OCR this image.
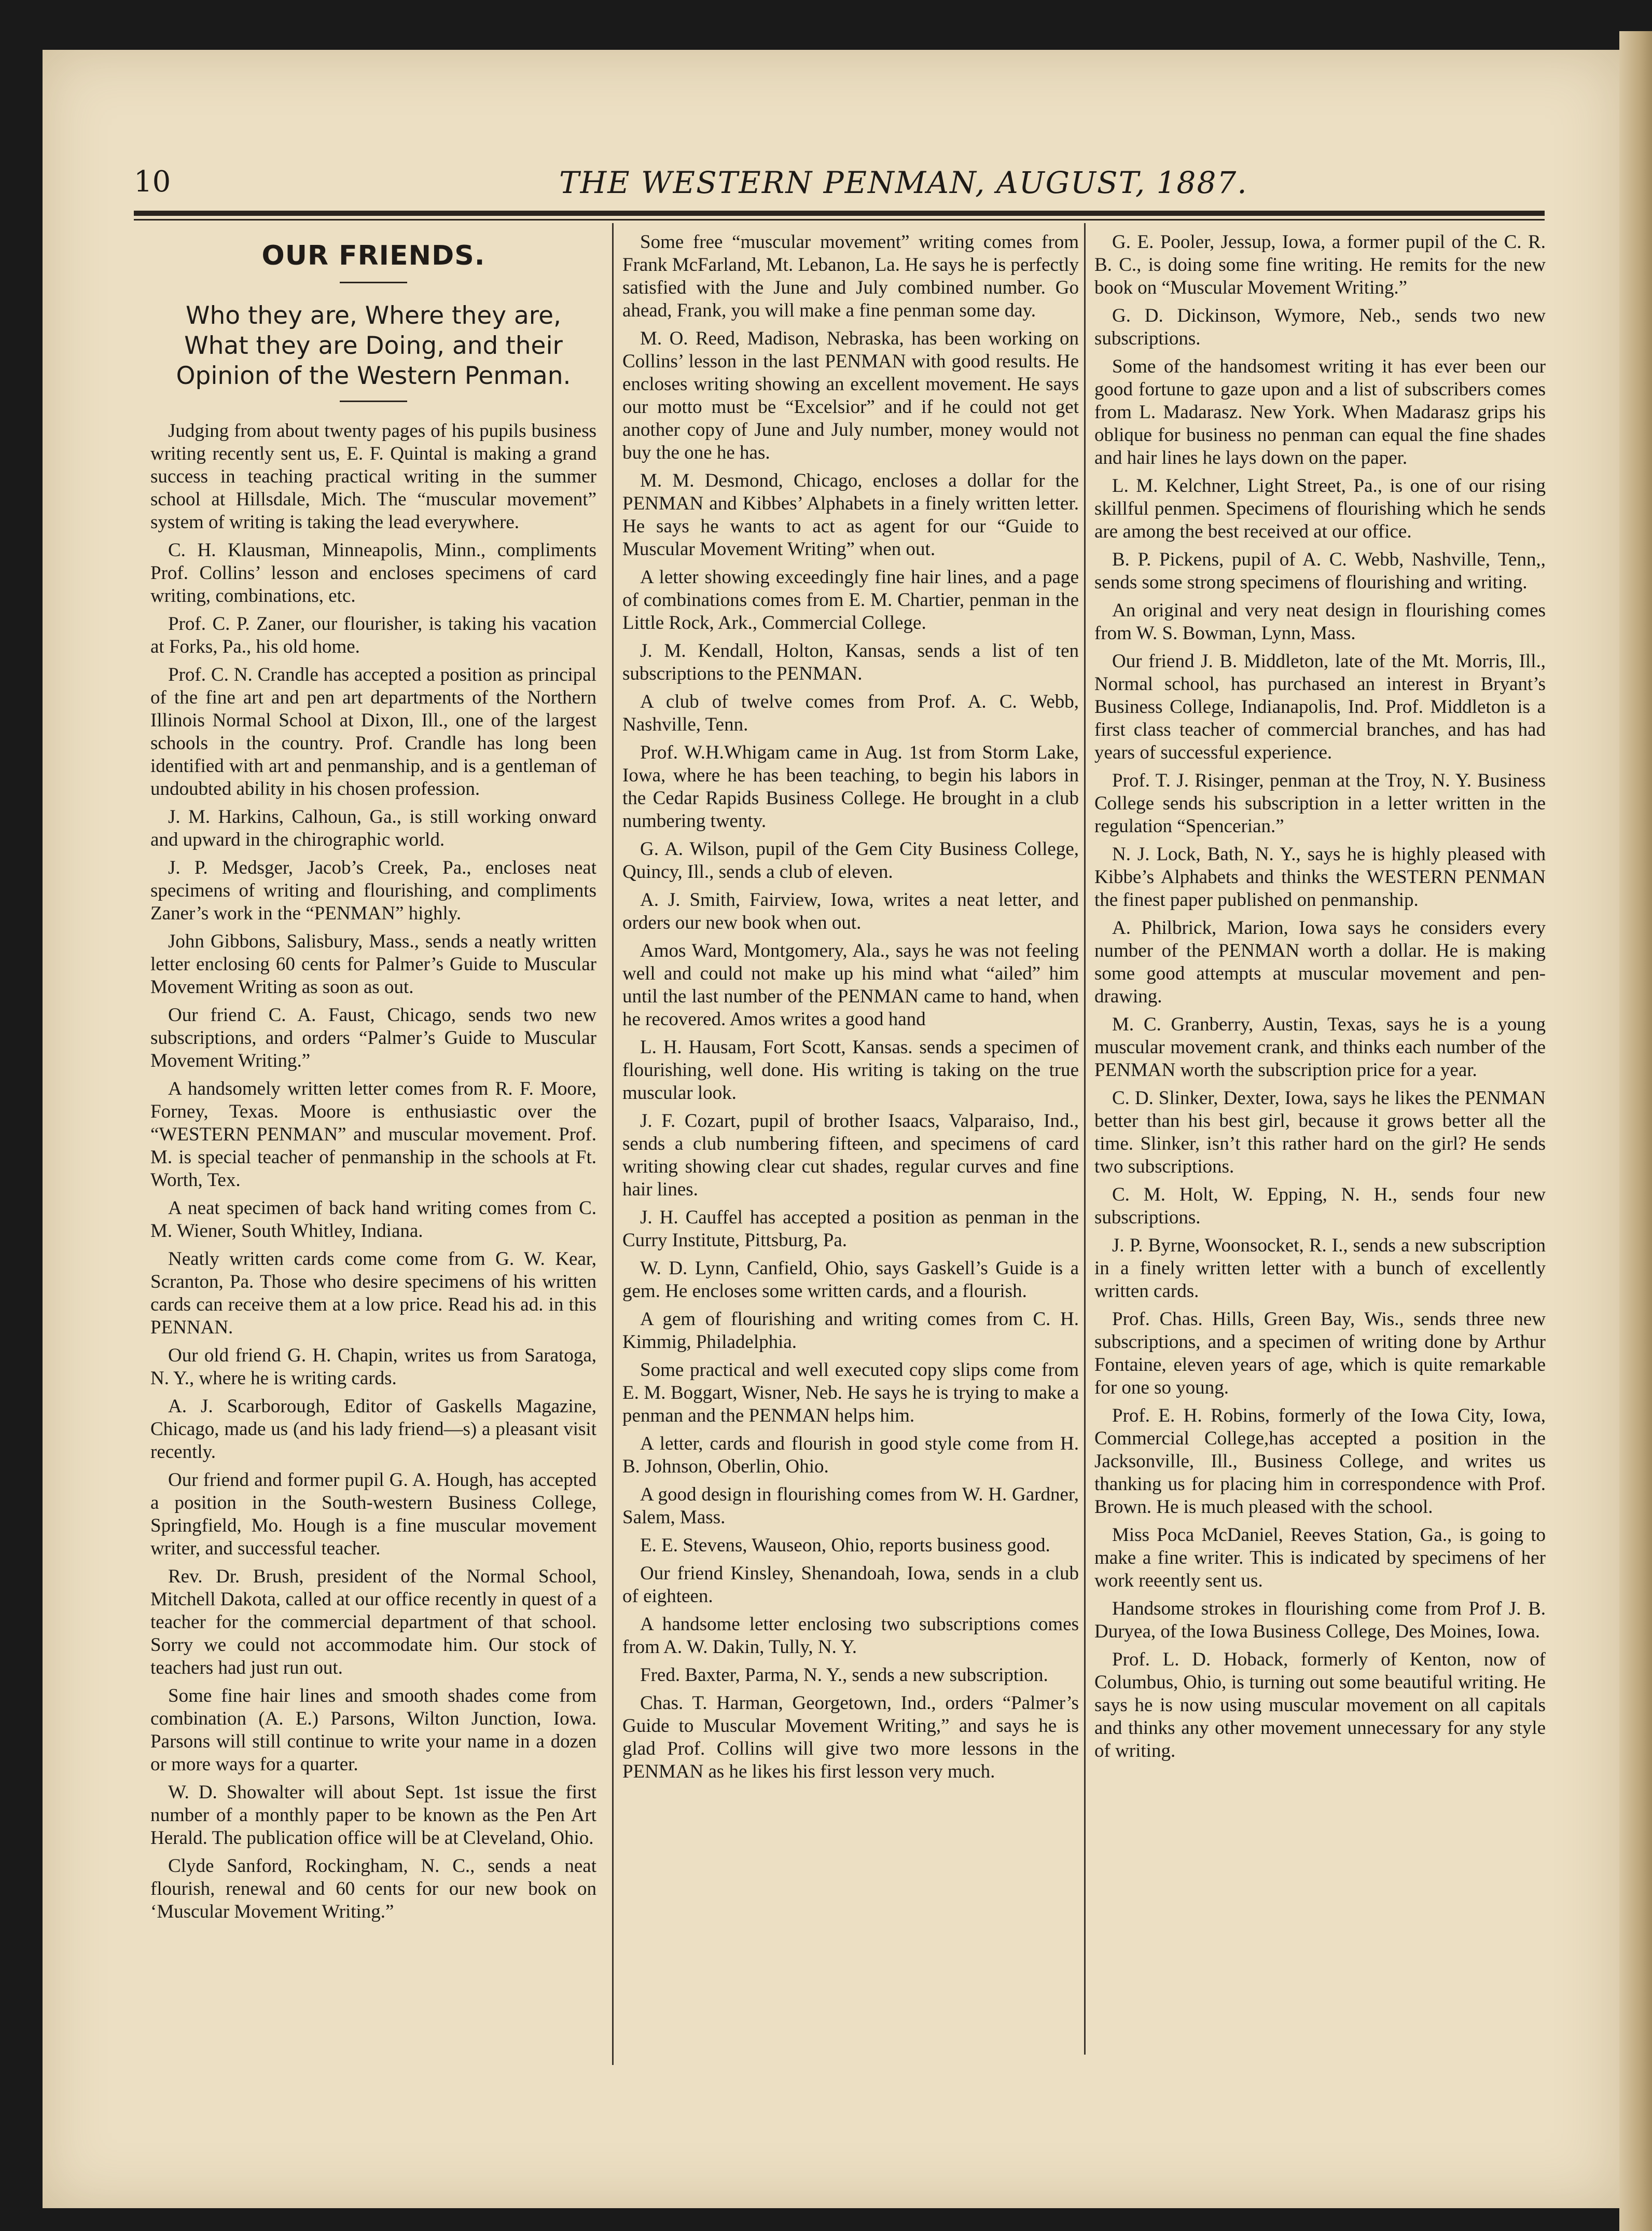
10	THE WESTERN PENMAN, AUGUST, 1887.
OUR FRIENDS.
Who they are, Where they are, What they are Doing, and their Opinion of the Western Penman.

Judging from about twenty pages of his pupils business writing recently sent us, E. F. Quintal is making a grand success in teaching practical writing in the summer school at Hillsdale, Mich. The “muscular movement” system of writing is taking the lead everywhere.

C. H. Klausman, Minneapolis, Minn., compliments Prof. Collins’ lesson and encloses specimens of card writing, combinations, etc.

Prof. C. P. Zaner, our flourisher, is taking his vacation at Forks, Pa., his old home.

Prof. C. N. Crandle has accepted a position as principal of the fine art and pen art departments of the Northern Illinois Normal School at Dixon, Ill., one of the largest schools in the country. Prof. Crandle has long been identified with art and penmanship, and is a gentleman of undoubted ability in his chosen profession.

J. M. Harkins, Calhoun, Ga., is still working onward and upward in the chirographic world.

J. P. Medsger, Jacob’s Creek, Pa., encloses neat specimens of writing and flourishing, and compliments Zaner’s work in the “PENMAN” highly.

John Gibbons, Salisbury, Mass., sends a neatly written letter enclosing 60 cents for Palmer’s Guide to Muscular Movement Writing as soon as out.

Our friend C. A. Faust, Chicago, sends two new subscriptions, and orders “Palmer’s Guide to Muscular Movement Writing.”

A handsomely written letter comes from R. F. Moore, Forney, Texas. Moore is enthusiastic over the “WESTERN PENMAN” and muscular movement. Prof. M. is special teacher of penmanship in the schools at Ft. Worth, Tex.

A neat specimen of back hand writing comes from C. M. Wiener, South Whitley, Indiana.

Neatly written cards come come from G. W. Kear, Scranton, Pa. Those who desire specimens of his written cards can receive them at a low price. Read his ad. in this PENNAN.

Our old friend G. H. Chapin, writes us from Saratoga, N. Y., where he is writing cards.

A. J. Scarborough, Editor of Gaskells Magazine, Chicago, made us (and his lady friend—s) a pleasant visit recently.

Our friend and former pupil G. A. Hough, has accepted a position in the South-western Business College, Springfield, Mo. Hough is a fine muscular movement writer, and successful teacher.

Rev. Dr. Brush, president of the Normal School, Mitchell Dakota, called at our office recently in quest of a teacher for the commercial department of that school. Sorry we could not accommodate him. Our stock of teachers had just run out.

Some fine hair lines and smooth shades come from combination (A. E.) Parsons, Wilton Junction, Iowa. Parsons will still continue to write your name in a dozen or more ways for a quarter.

W. D. Showalter will about Sept. 1st issue the first number of a monthly paper to be known as the Pen Art Herald. The publication office will be at Cleveland, Ohio.

Clyde Sanford, Rockingham, N. C., sends a neat flourish, renewal and 60 cents for our new book on ‘Muscular Movement Writing.”

Some free “muscular movement” writing comes from Frank McFarland, Mt. Lebanon, La. He says he is perfectly satisfied with the June and July combined number. Go ahead, Frank, you will make a fine penman some day.

M. O. Reed, Madison, Nebraska, has been working on Collins’ lesson in the last PENMAN with good results. He encloses writing showing an excellent movement. He says our motto must be “Excelsior” and if he could not get another copy of June and July number, money would not buy the one he has.

M. M. Desmond, Chicago, encloses a dollar for the PENMAN and Kibbes’ Alphabets in a finely written letter. He says he wants to act as agent for our “Guide to Muscular Movement Writing” when out.

A letter showing exceedingly fine hair lines, and a page of combinations comes from E. M. Chartier, penman in the Little Rock, Ark., Commercial College.

J. M. Kendall, Holton, Kansas, sends a list of ten subscriptions to the PENMAN.

A club of twelve comes from Prof. A. C. Webb, Nashville, Tenn.

Prof. W.H.Whigam came in Aug. 1st from Storm Lake, Iowa, where he has been teaching, to begin his labors in the Cedar Rapids Business College. He brought in a club numbering twenty.

G. A. Wilson, pupil of the Gem City Business College, Quincy, Ill., sends a club of eleven.

A. J. Smith, Fairview, Iowa, writes a neat letter, and orders our new book when out.

Amos Ward, Montgomery, Ala., says he was not feeling well and could not make up his mind what “ailed” him until the last number of the PENMAN came to hand, when he recovered. Amos writes a good hand

L. H. Hausam, Fort Scott, Kansas. sends a specimen of flourishing, well done. His writing is taking on the true muscular look.

J. F. Cozart, pupil of brother Isaacs, Valparaiso, Ind., sends a club numbering fifteen, and specimens of card writing showing clear cut shades, regular curves and fine hair lines.

J. H. Cauffel has accepted a position as penman in the Curry Institute, Pittsburg, Pa.

W. D. Lynn, Canfield, Ohio, says Gaskell’s Guide is a gem. He encloses some written cards, and a flourish.

A gem of flourishing and writing comes from C. H. Kimmig, Philadelphia.

Some practical and well executed copy slips come from E. M. Boggart, Wisner, Neb. He says he is trying to make a penman and the PENMAN helps him.

A letter, cards and flourish in good style come from H. B. Johnson, Oberlin, Ohio.

A good design in flourishing comes from W. H. Gardner, Salem, Mass.

E. E. Stevens, Wauseon, Ohio, reports business good.

Our friend Kinsley, Shenandoah, Iowa, sends in a club of eighteen.

A handsome letter enclosing two subscriptions comes from A. W. Dakin, Tully, N. Y.

Fred. Baxter, Parma, N. Y., sends a new subscription.

Chas. T. Harman, Georgetown, Ind., orders “Palmer’s Guide to Muscular Movement Writing,” and says he is glad Prof. Collins will give two more lessons in the PENMAN as he likes his first lesson very much.

G. E. Pooler, Jessup, Iowa, a former pupil of the C. R. B. C., is doing some fine writing. He remits for the new book on “Muscular Movement Writing.”

G. D. Dickinson, Wymore, Neb., sends two new subscriptions.

Some of the handsomest writing it has ever been our good fortune to gaze upon and a list of subscribers comes from L. Madarasz. New York. When Madarasz grips his oblique for business no penman can equal the fine shades and hair lines he lays down on the paper.

L. M. Kelchner, Light Street, Pa., is one of our rising skillful penmen. Specimens of flourishing which he sends are among the best received at our office.

B. P. Pickens, pupil of A. C. Webb, Nashville, Tenn,, sends some strong specimens of flourishing and writing.

An original and very neat design in flourishing comes from W. S. Bowman, Lynn, Mass.

Our friend J. B. Middleton, late of the Mt. Morris, Ill., Normal school, has purchased an interest in Bryant’s Business College, Indianapolis, Ind. Prof. Middleton is a first class teacher of commercial branches, and has had years of successful experience.

Prof. T. J. Risinger, penman at the Troy, N. Y. Business College sends his subscription in a letter written in the regulation “Spencerian.”

N. J. Lock, Bath, N. Y., says he is highly pleased with Kibbe’s Alphabets and thinks the WESTERN PENMAN the finest paper published on penmanship.

A. Philbrick, Marion, Iowa says he considers every number of the PENMAN worth a dollar. He is making some good attempts at muscular movement and pen-drawing.

M. C. Granberry, Austin, Texas, says he is a young muscular movement crank, and thinks each number of the PENMAN worth the subscription price for a year.

C. D. Slinker, Dexter, Iowa, says he likes the PENMAN better than his best girl, because it grows better all the time. Slinker, isn’t this rather hard on the girl? He sends two subscriptions.

C. M. Holt, W. Epping, N. H., sends four new subscriptions.

J. P. Byrne, Woonsocket, R. I., sends a new subscription in a finely written letter with a bunch of excellently written cards.

Prof. Chas. Hills, Green Bay, Wis., sends three new subscriptions, and a specimen of writing done by Arthur Fontaine, eleven years of age, which is quite remarkable for one so young.

Prof. E. H. Robins, formerly of the Iowa City, Iowa, Commercial College,has accepted a position in the Jacksonville, Ill., Business College, and writes us thanking us for placing him in correspondence with Prof. Brown. He is much pleased with the school.

Miss Poca McDaniel, Reeves Station, Ga., is going to make a fine writer. This is indicated by specimens of her work reeently sent us.

Handsome strokes in flourishing come from Prof J. B. Duryea, of the Iowa Business College, Des Moines, Iowa.

Prof. L. D. Hoback, formerly of Kenton, now of Columbus, Ohio, is turning out some beautiful writing. He says he is now using muscular movement on all capitals and thinks any other movement unnecessary for any style of writing.
